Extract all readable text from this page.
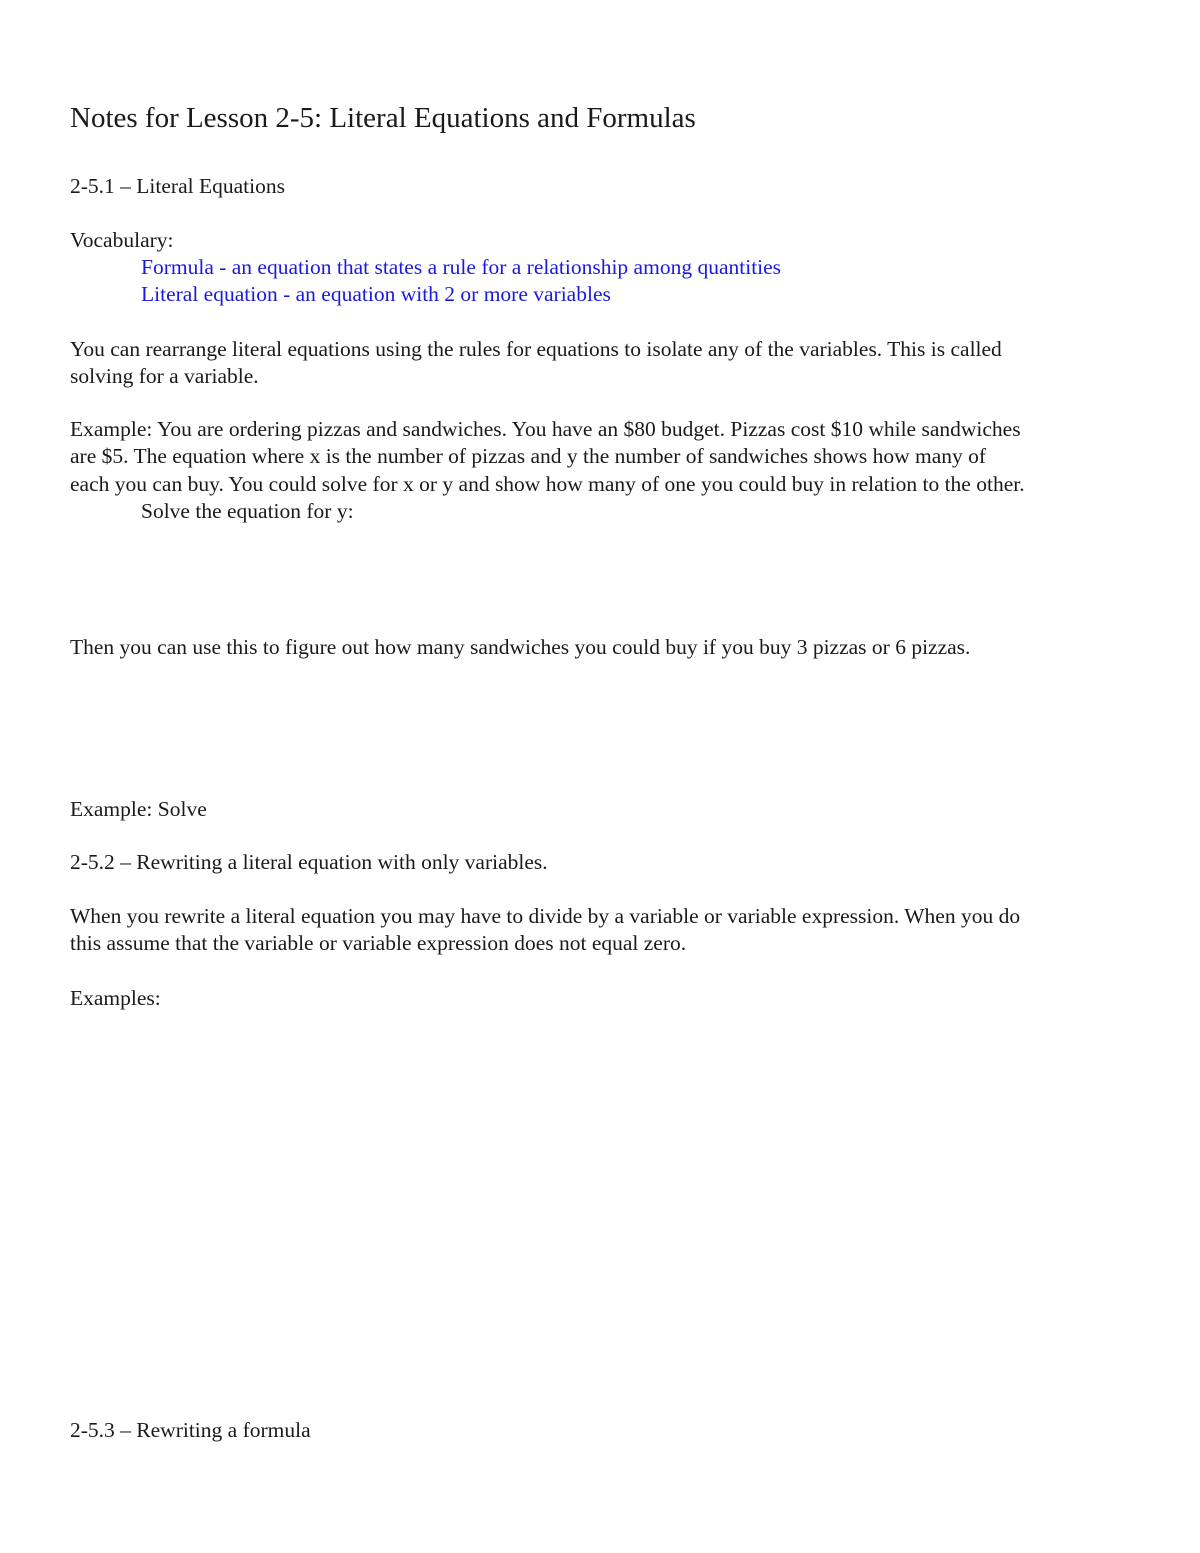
Notes for Lesson 2-5: Literal Equations and Formulas

2-5.1 – Literal Equations

Vocabulary:

Formula - an equation that states a rule for a relationship among quantities

Literal equation - an equation with 2 or more variables

You can rearrange literal equations using the rules for equations to isolate any of the variables. This is called

solving for a variable.

Example: You are ordering pizzas and sandwiches. You have an $80 budget. Pizzas cost $10 while sandwiches

are $5. The equation where x is the number of pizzas and y the number of sandwiches shows how many of

each you can buy. You could solve for x or y and show how many of one you could buy in relation to the other.

Solve the equation for y:

Then you can use this to figure out how many sandwiches you could buy if you buy 3 pizzas or 6 pizzas.

Example: Solve

2-5.2 – Rewriting a literal equation with only variables.

When you rewrite a literal equation you may have to divide by a variable or variable expression. When you do

this assume that the variable or variable expression does not equal zero.

Examples:

2-5.3 – Rewriting a formula
